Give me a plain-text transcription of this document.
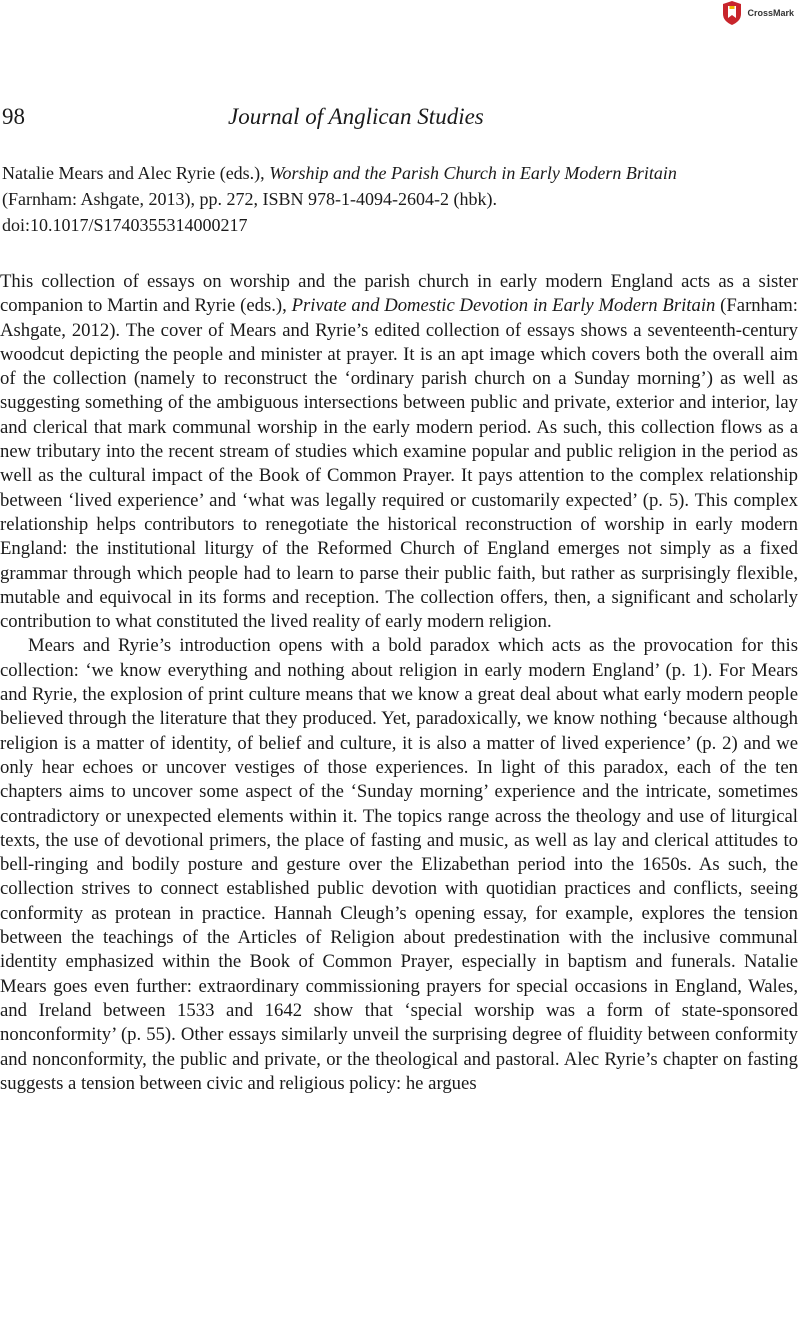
CrossMark
98	Journal of Anglican Studies
Natalie Mears and Alec Ryrie (eds.), Worship and the Parish Church in Early Modern Britain
(Farnham: Ashgate, 2013), pp. 272, ISBN 978-1-4094-2604-2 (hbk).
doi:10.1017/S1740355314000217

This collection of essays on worship and the parish church in early modern England acts as a sister companion to Martin and Ryrie (eds.), Private and Domestic Devotion in Early Modern Britain (Farnham: Ashgate, 2012). The cover of Mears and Ryrie’s edited collection of essays shows a seventeenth-century woodcut depicting the people and minister at prayer. It is an apt image which covers both the overall aim of the collection (namely to reconstruct the ‘ordinary parish church on a Sunday morning’) as well as suggesting something of the ambiguous intersections between public and private, exterior and interior, lay and clerical that mark communal worship in the early modern period. As such, this collection flows as a new tributary into the recent stream of studies which examine popular and public religion in the period as well as the cultural impact of the Book of Common Prayer. It pays attention to the complex relationship between ‘lived experience’ and ‘what was legally required or customarily expected’ (p. 5). This complex relationship helps contributors to renegotiate the historical reconstruction of worship in early modern England: the institutional liturgy of the Reformed Church of England emerges not simply as a fixed grammar through which people had to learn to parse their public faith, but rather as surprisingly flexible, mutable and equivocal in its forms and reception. The collection offers, then, a significant and scholarly contribution to what constituted the lived reality of early modern religion.

Mears and Ryrie’s introduction opens with a bold paradox which acts as the provocation for this collection: ‘we know everything and nothing about religion in early modern England’ (p. 1). For Mears and Ryrie, the explosion of print culture means that we know a great deal about what early modern people believed through the literature that they produced. Yet, paradoxically, we know nothing ‘because although religion is a matter of identity, of belief and culture, it is also a matter of lived experience’ (p. 2) and we only hear echoes or uncover vestiges of those experiences. In light of this paradox, each of the ten chapters aims to uncover some aspect of the ‘Sunday morning’ experience and the intricate, sometimes contradictory or unexpected elements within it. The topics range across the theology and use of liturgical texts, the use of devotional primers, the place of fasting and music, as well as lay and clerical attitudes to bell-ringing and bodily posture and gesture over the Elizabethan period into the 1650s. As such, the collection strives to connect established public devotion with quotidian practices and conflicts, seeing conformity as protean in practice. Hannah Cleugh’s opening essay, for example, explores the tension between the teachings of the Articles of Religion about predestination with the inclusive communal identity emphasized within the Book of Common Prayer, especially in baptism and funerals. Natalie Mears goes even further: extraordinary commissioning prayers for special occasions in England, Wales, and Ireland between 1533 and 1642 show that ‘special worship was a form of state-sponsored nonconformity’ (p. 55). Other essays similarly unveil the surprising degree of fluidity between conformity and nonconformity, the public and private, or the theological and pastoral. Alec Ryrie’s chapter on fasting suggests a tension between civic and religious policy: he argues
